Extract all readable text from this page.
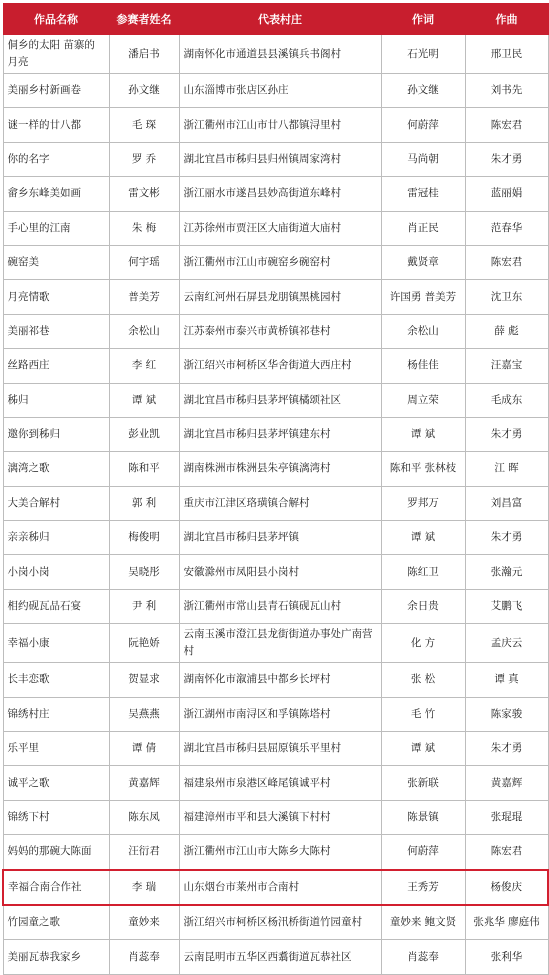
作品名称	参赛者姓名	代表村庄	作词	作曲
侗乡的太阳 苗寨的月亮	潘启书	湖南怀化市通道县县溪镇兵书阁村	石光明	邢卫民
美丽乡村新画卷	孙文继	山东淄博市张店区孙庄	孙文继	刘书先
谜一样的廿八都	毛 琛	浙江衢州市江山市廿八都镇浔里村	何蔚萍	陈宏君
你的名字	罗 乔	湖北宜昌市秭归县归州镇周家湾村	马尚朝	朱才勇
畲乡东峰美如画	雷文彬	浙江丽水市遂昌县妙高街道东峰村	雷冠桂	蓝丽娟
手心里的江南	朱 梅	江苏徐州市贾汪区大庙街道大庙村	肖正民	范春华
碗窑美	何宇瑶	浙江衢州市江山市碗窑乡碗窑村	戴贤章	陈宏君
月亮情歌	普美芳	云南红河州石屏县龙朋镇黑桃园村	许国勇 普美芳	沈卫东
美丽祁巷	余松山	江苏泰州市泰兴市黄桥镇祁巷村	余松山	薛 彪
丝路西庄	李 红	浙江绍兴市柯桥区华舍街道大西庄村	杨佳佳	汪嘉宝
秭归	谭 斌	湖北宜昌市秭归县茅坪镇橘颂社区	周立荣	毛成东
邀你到秭归	彭业凯	湖北宜昌市秭归县茅坪镇建东村	谭 斌	朱才勇
漓湾之歌	陈和平	湖南株洲市株洲县朱亭镇漓湾村	陈和平 张林枝	江 晖
大美合解村	郭 利	重庆市江津区珞璜镇合解村	罗邦万	刘昌富
亲亲秭归	梅俊明	湖北宜昌市秭归县茅坪镇	谭 斌	朱才勇
小岗小岗	吴晓彤	安徽滁州市凤阳县小岗村	陈红卫	张瀚元
相约砚瓦品石宴	尹 利	浙江衢州市常山县青石镇砚瓦山村	余日贵	艾鹏飞
幸福小康	阮艳娇	云南玉溪市澄江县龙街街道办事处广南营村	化 方	孟庆云
长丰恋歌	贺显求	湖南怀化市溆浦县中都乡长坪村	张 松	谭 真
锦绣村庄	吴燕燕	浙江湖州市南浔区和孚镇陈塔村	毛 竹	陈家骏
乐平里	谭 倩	湖北宜昌市秭归县屈原镇乐平里村	谭 斌	朱才勇
诚平之歌	黄嘉辉	福建泉州市泉港区峰尾镇诚平村	张新联	黄嘉辉
锦绣下村	陈东凤	福建漳州市平和县大溪镇下村村	陈景镇	张琨琨
妈妈的那碗大陈面	汪衍君	浙江衢州市江山市大陈乡大陈村	何蔚萍	陈宏君
幸福合南合作社	李 瑞	山东烟台市莱州市合南村	王秀芳	杨俊庆
竹园童之歌	童妙来	浙江绍兴市柯桥区杨汛桥街道竹园童村	童妙来 鲍文贤	张兆华 廖庭伟
美丽瓦恭我家乡	肖蕊奉	云南昆明市五华区西翥街道瓦恭社区	肖蕊奉	张利华
